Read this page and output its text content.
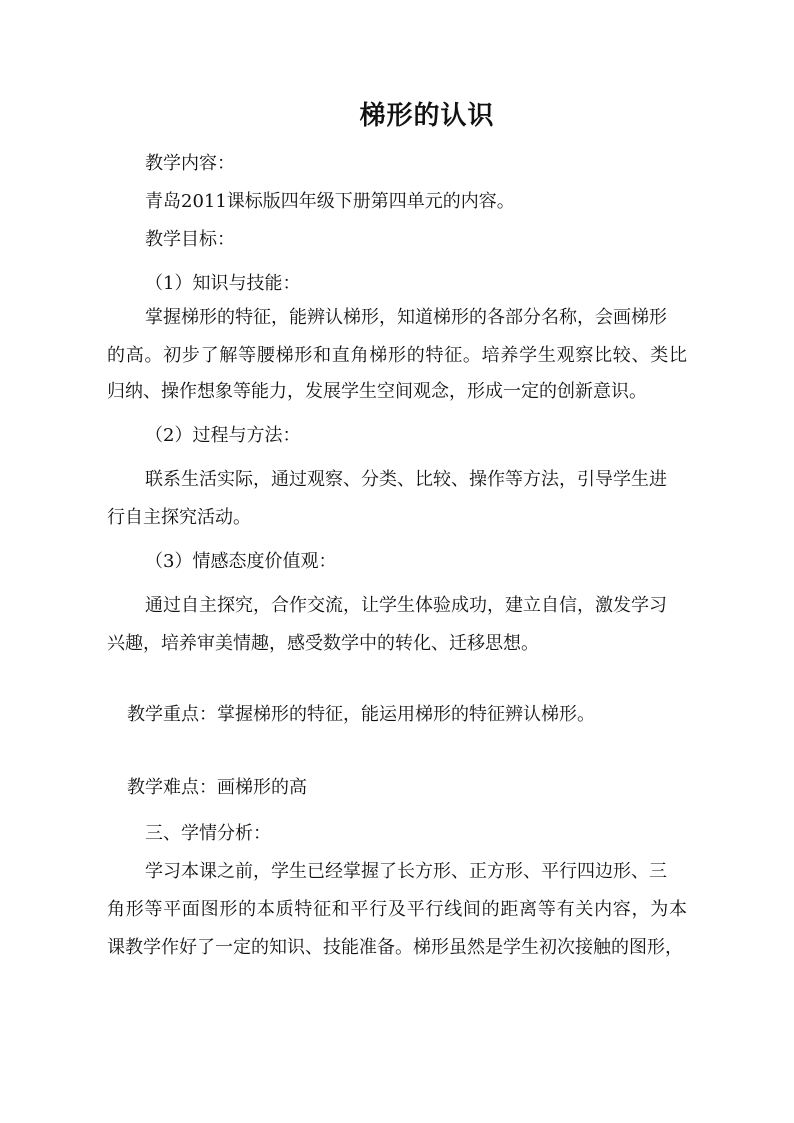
梯形的认识
教学内容：
青岛2011课标版四年级下册第四单元的内容。
教学目标：
（1）知识与技能：
掌握梯形的特征，能辨认梯形，知道梯形的各部分名称，会画梯形
的高。初步了解等腰梯形和直角梯形的特征。培养学生观察比较、类比
归纳、操作想象等能力，发展学生空间观念，形成一定的创新意识。
（2）过程与方法：
联系生活实际，通过观察、分类、比较、操作等方法，引导学生进
行自主探究活动。
（3）情感态度价值观：
通过自主探究，合作交流，让学生体验成功，建立自信，激发学习
兴趣，培养审美情趣，感受数学中的转化、迁移思想。
教学重点：掌握梯形的特征，能运用梯形的特征辨认梯形。
教学难点：画梯形的高
三、学情分析：
学习本课之前，学生已经掌握了长方形、正方形、平行四边形、三
角形等平面图形的本质特征和平行及平行线间的距离等有关内容，为本
课教学作好了一定的知识、技能准备。梯形虽然是学生初次接触的图形，
